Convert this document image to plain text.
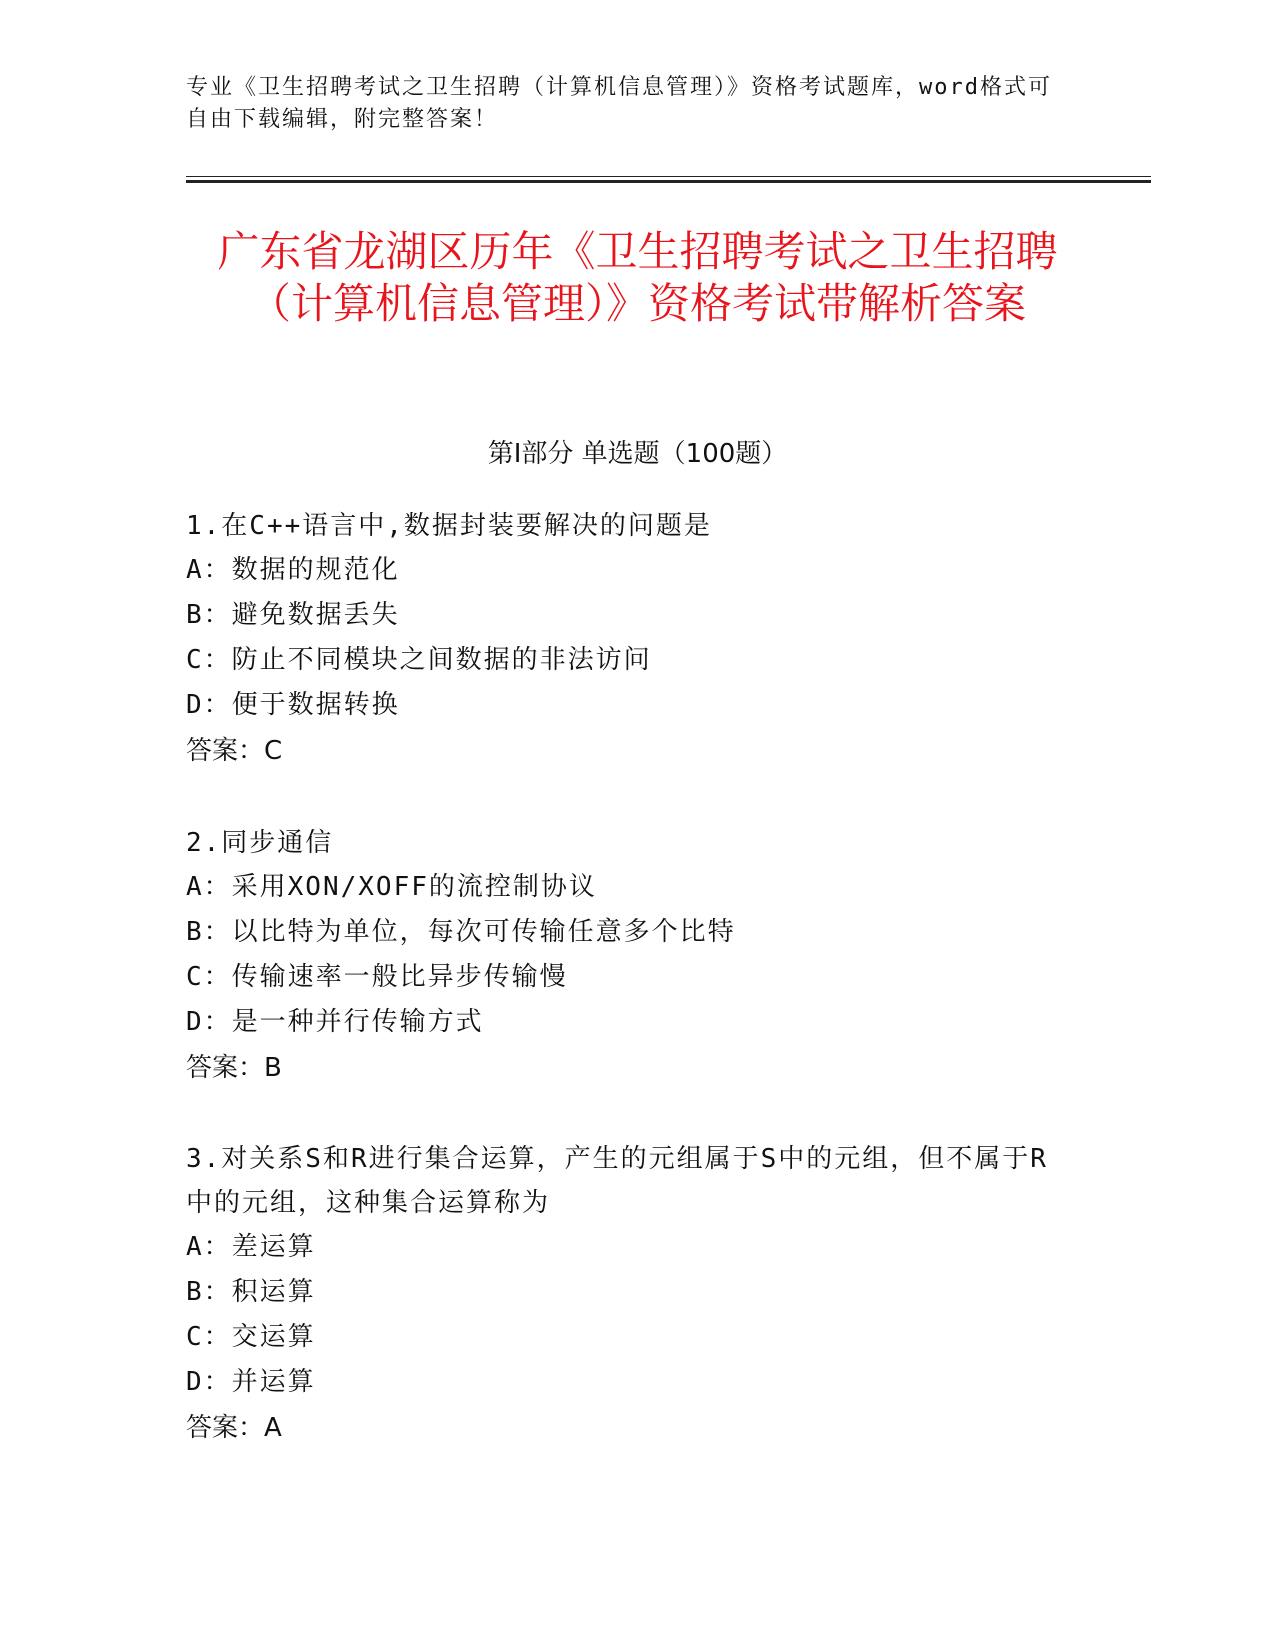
专业《卫生招聘考试之卫生招聘（计算机信息管理）》资格考试题库，word格式可自由下载编辑，附完整答案！
广东省龙湖区历年《卫生招聘考试之卫生招聘（计算机信息管理）》资格考试带解析答案
第I部分 单选题（100题）

1.在C++语言中,数据封装要解决的问题是

A：数据的规范化

B：避免数据丢失

C：防止不同模块之间数据的非法访问

D：便于数据转换

答案：C

2.同步通信

A：采用XON/XOFF的流控制协议

B：以比特为单位，每次可传输任意多个比特

C：传输速率一般比异步传输慢

D：是一种并行传输方式

答案：B

3.对关系S和R进行集合运算，产生的元组属于S中的元组，但不属于R中的元组，这种集合运算称为

A：差运算

B：积运算

C：交运算

D：并运算

答案：A
